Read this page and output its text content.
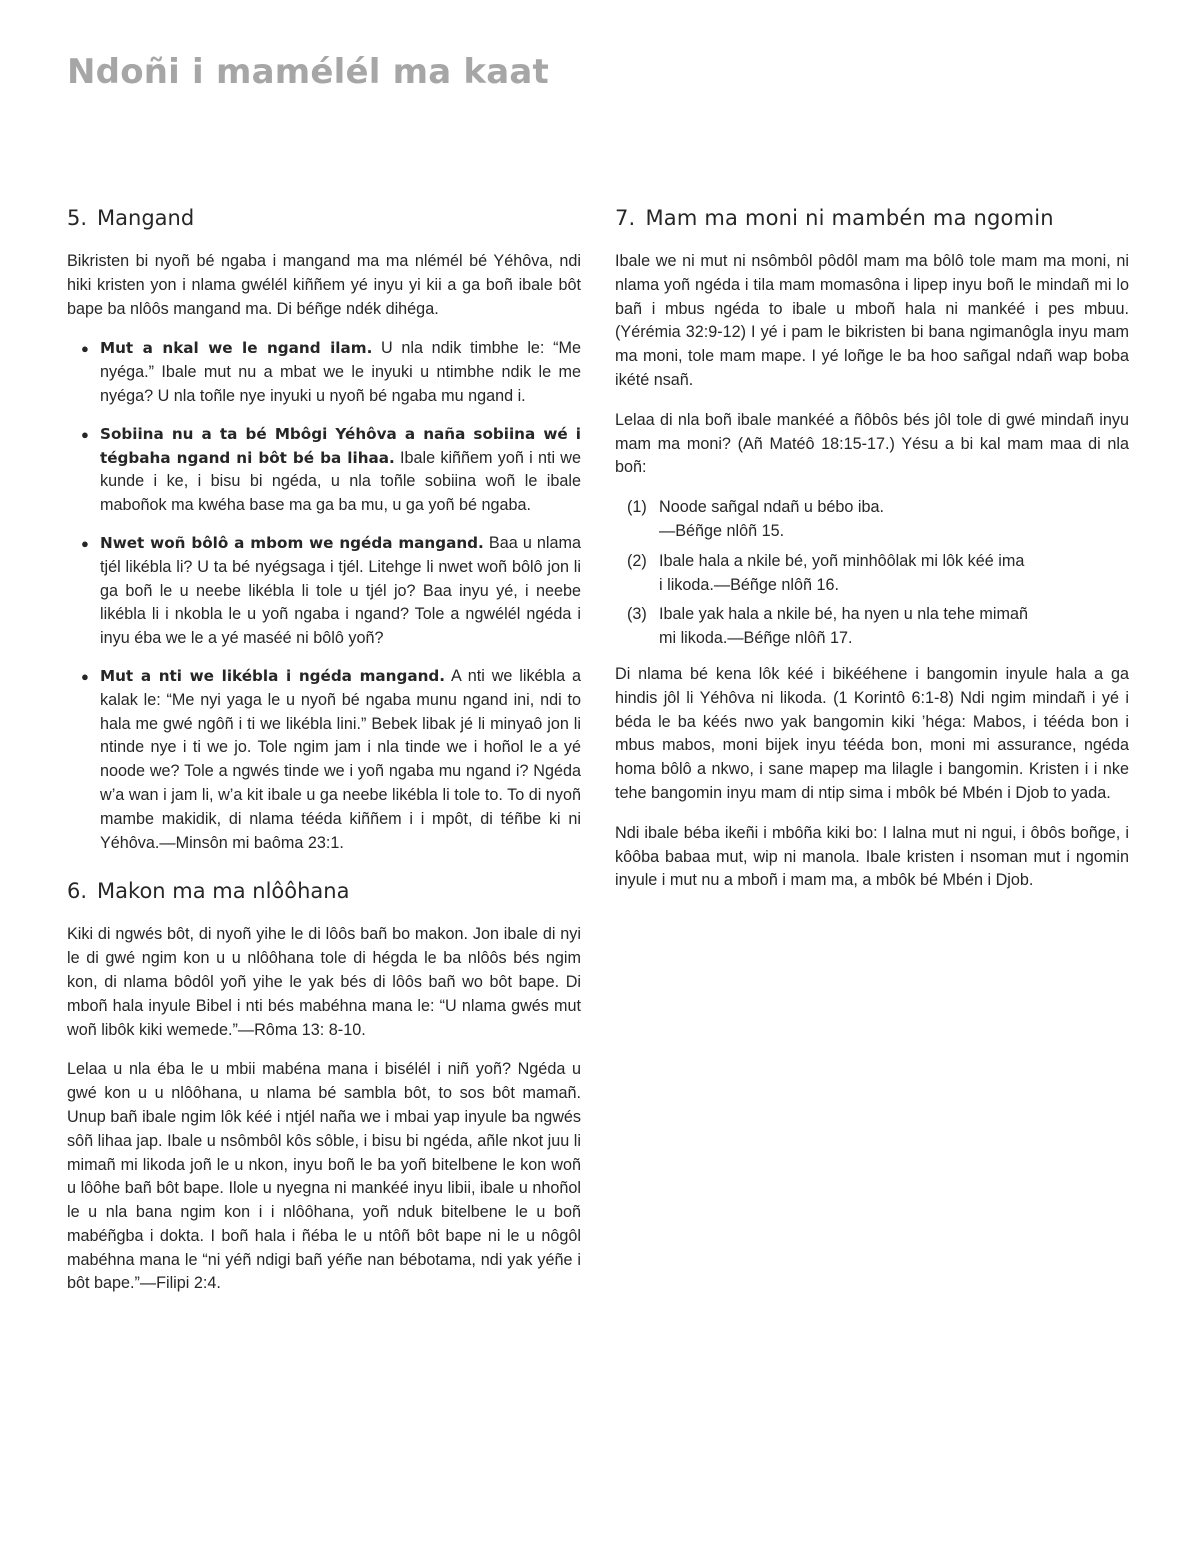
Ndoñi i mamélél ma kaat
5. Mangand

Bikristen bi nyoñ bé ngaba i mangand ma ma nlémél bé Yéhôva, ndi hiki kristen yon i nlama gwélél kiññem yé inyu yi kii a ga boñ ibale bôt bape ba nlôôs mangand ma. Di béñge ndék dihéga.

● Mut a nkal we le ngand ilam. U nla ndik timbhe le: “Me nyéga.” Ibale mut nu a mbat we le inyuki u ntimbhe ndik le me nyéga? U nla toñle nye inyuki u nyoñ bé ngaba mu ngand i.
● Sobiina nu a ta bé Mbôgi Yéhôva a naña sobiina wé i tégbaha ngand ni bôt bé ba lihaa. Ibale kiññem yoñ i nti we kunde i ke, i bisu bi ngéda, u nla toñle sobiina woñ le ibale maboñok ma kwéha base ma ga ba mu, u ga yoñ bé ngaba.
● Nwet woñ bôlô a mbom we ngéda mangand. Baa u nlama tjél likébla li? U ta bé nyégsaga i tjél. Litehge li nwet woñ bôlô jon li ga boñ le u neebe likébla li tole u tjél jo? Baa inyu yé, i neebe likébla li i nkobla le u yoñ ngaba i ngand? Tole a ngwélél ngéda i inyu éba we le a yé maséé ni bôlô yoñ?
● Mut a nti we likébla i ngéda mangand. A nti we likébla a kalak le: “Me nyi yaga le u nyoñ bé ngaba munu ngand ini, ndi to hala me gwé ngôñ i ti we likébla lini.” Bebek libak jé li minyaô jon li ntinde nye i ti we jo. Tole ngim jam i nla tinde we i hoñol le a yé noode we? Tole a ngwés tinde we i yoñ ngaba mu ngand i? Ngéda w’a wan i jam li, w’a kit ibale u ga neebe likébla li tole to. To di nyoñ mambe makidik, di nlama tééda kiññem i i mpôt, di téñbe ki ni Yéhôva.—Minsôn mi baôma 23:1.
6. Makon ma ma nlôôhana

Kiki di ngwés bôt, di nyoñ yihe le di lôôs bañ bo makon. Jon ibale di nyi le di gwé ngim kon u u nlôôhana tole di hégda le ba nlôôs bés ngim kon, di nlama bôdôl yoñ yihe le yak bés di lôôs bañ wo bôt bape. Di mboñ hala inyule Bibel i nti bés mabéhna mana le: “U nlama gwés mut woñ libôk kiki wemede.”—Rôma 13: 8-10.

Lelaa u nla éba le u mbii mabéna mana i bisélél i niñ yoñ? Ngéda u gwé kon u u nlôôhana, u nlama bé sambla bôt, to sos bôt mamañ. Unup bañ ibale ngim lôk kéé i ntjél naña we i mbai yap inyule ba ngwés sôñ lihaa jap. Ibale u nsômbôl kôs sôble, i bisu bi ngéda, añle nkot juu li mimañ mi likoda joñ le u nkon, inyu boñ le ba yoñ bitelbene le kon woñ u lôôhe bañ bôt bape. Ilole u nyegna ni mankéé inyu libii, ibale u nhoñol le u nla bana ngim kon i i nlôôhana, yoñ nduk bitelbene le u boñ mabéñgba i dokta. I boñ hala i ñéba le u ntôñ bôt bape ni le u nôgôl mabéhna mana le “ni yéñ ndigi bañ yéñe nan bébotama, ndi yak yéñe i bôt bape.”—Filipi 2:4.

7. Mam ma moni ni mambén ma ngomin

Ibale we ni mut ni nsômbôl pôdôl mam ma bôlô tole mam ma moni, ni nlama yoñ ngéda i tila mam momasôna i lipep inyu boñ le mindañ mi lo bañ i mbus ngéda to ibale u mboñ hala ni mankéé i pes mbuu. (Yérémia 32:9-12) I yé i pam le bikristen bi bana ngimanôgla inyu mam ma moni, tole mam mape. I yé loñge le ba hoo sañgal ndañ wap boba ikété nsañ.

Lelaa di nla boñ ibale mankéé a ñôbôs bés jôl tole di gwé mindañ inyu mam ma moni? (Añ Matéô 18:15-17.) Yésu a bi kal mam maa di nla boñ:

(1) Noode sañgal ndañ u bébo iba.
—Béñge nlôñ 15.
(2) Ibale hala a nkile bé, yoñ minhôôlak mi lôk kéé ima
i likoda.—Béñge nlôñ 16.
(3) Ibale yak hala a nkile bé, ha nyen u nla tehe mimañ
mi likoda.—Béñge nlôñ 17.

Di nlama bé kena lôk kéé i bikééhene i bangomin inyule hala a ga hindis jôl li Yéhôva ni likoda. (1 Korintô 6:1-8) Ndi ngim mindañ i yé i béda le ba kéés nwo yak bangomin kiki ’héga: Mabos, i tééda bon i mbus mabos, moni bijek inyu tééda bon, moni mi assurance, ngéda homa bôlô a nkwo, i sane mapep ma lilagle i bangomin. Kristen i i nke tehe bangomin inyu mam di ntip sima i mbôk bé Mbén i Djob to yada.

Ndi ibale béba ikeñi i mbôña kiki bo: I lalna mut ni ngui, i ôbôs boñge, i kôôba babaa mut, wip ni manola. Ibale kristen i nsoman mut i ngomin inyule i mut nu a mboñ i mam ma, a mbôk bé Mbén i Djob.
